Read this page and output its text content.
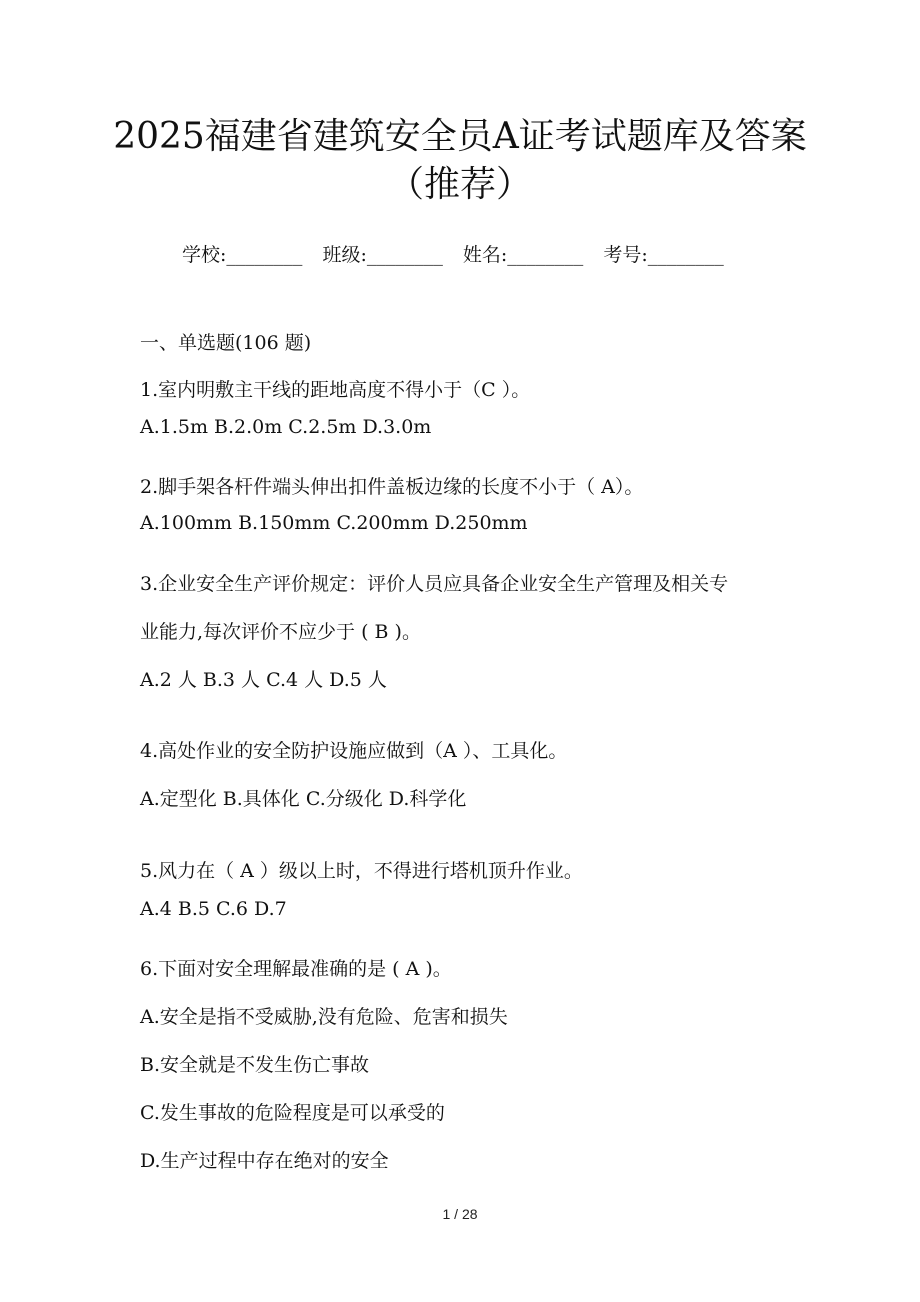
2025福建省建筑安全员A证考试题库及答案
（推荐）
学校:________ 班级:________ 姓名:________ 考号:________
一、单选题(106 题)
1.室内明敷主干线的距地高度不得小于（C ）。
A.1.5m B.2.0m C.2.5m D.3.0m
2.脚手架各杆件端头伸出扣件盖板边缘的长度不小于（ A）。
A.100mm B.150mm C.200mm D.250mm
3.企业安全生产评价规定：评价人员应具备企业安全生产管理及相关专
业能力,每次评价不应少于 ( B )。
A.2 人 B.3 人 C.4 人 D.5 人
4.高处作业的安全防护设施应做到（A ）、工具化。
A.定型化 B.具体化 C.分级化 D.科学化
5.风力在（ A ）级以上时，不得进行塔机顶升作业。
A.4 B.5 C.6 D.7
6.下面对安全理解最准确的是 ( A )。
A.安全是指不受威胁,没有危险、危害和损失
B.安全就是不发生伤亡事故
C.发生事故的危险程度是可以承受的
D.生产过程中存在绝对的安全
1 / 28
